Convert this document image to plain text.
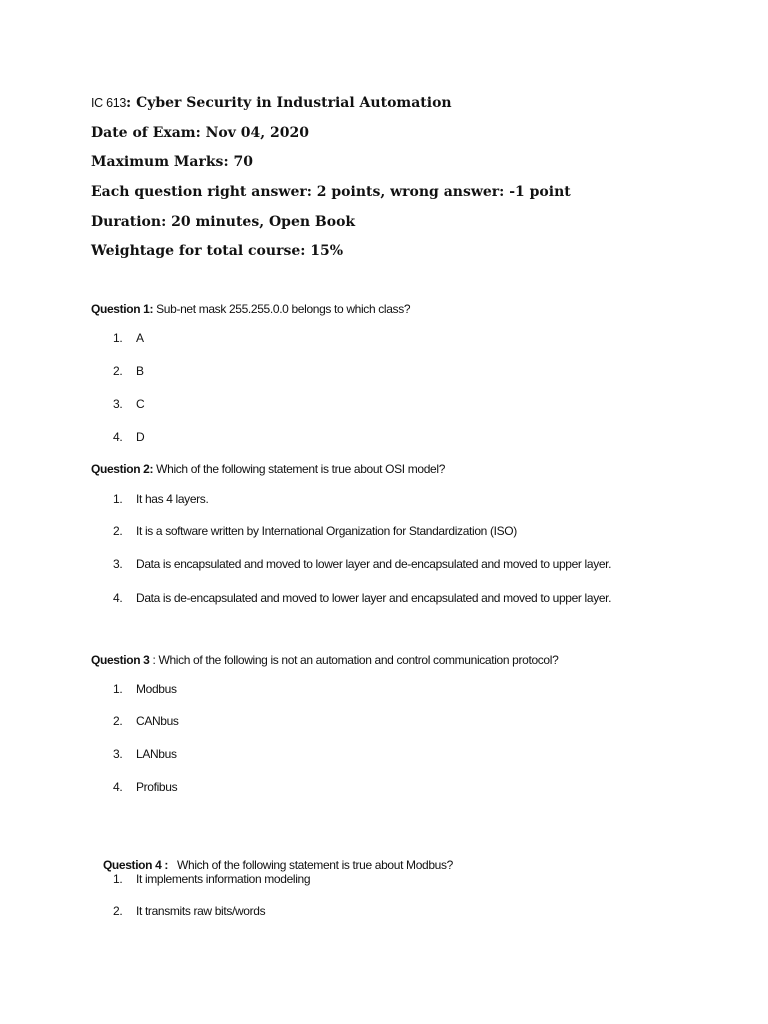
IC 613: Cyber Security in Industrial Automation
Date of Exam: Nov 04, 2020
Maximum Marks: 70
Each question right answer: 2 points, wrong answer: -1 point
Duration: 20 minutes, Open Book
Weightage for total course: 15%
Question 1: Sub-net mask 255.255.0.0 belongs to which class?
1. A
2. B
3. C
4. D
Question 2: Which of the following statement is true about OSI model?
1. It has 4 layers.
2. It is a software written by International Organization for Standardization (ISO)
3. Data is encapsulated and moved to lower layer and de-encapsulated and moved to upper layer.
4. Data is de-encapsulated and moved to lower layer and encapsulated and moved to upper layer.
Question 3 : Which of the following is not an automation and control communication protocol?
1. Modbus
2. CANbus
3. LANbus
4. Profibus

Question 4 :   Which of the following statement is true about Modbus?

1. It implements information modeling
2. It transmits raw bits/words
